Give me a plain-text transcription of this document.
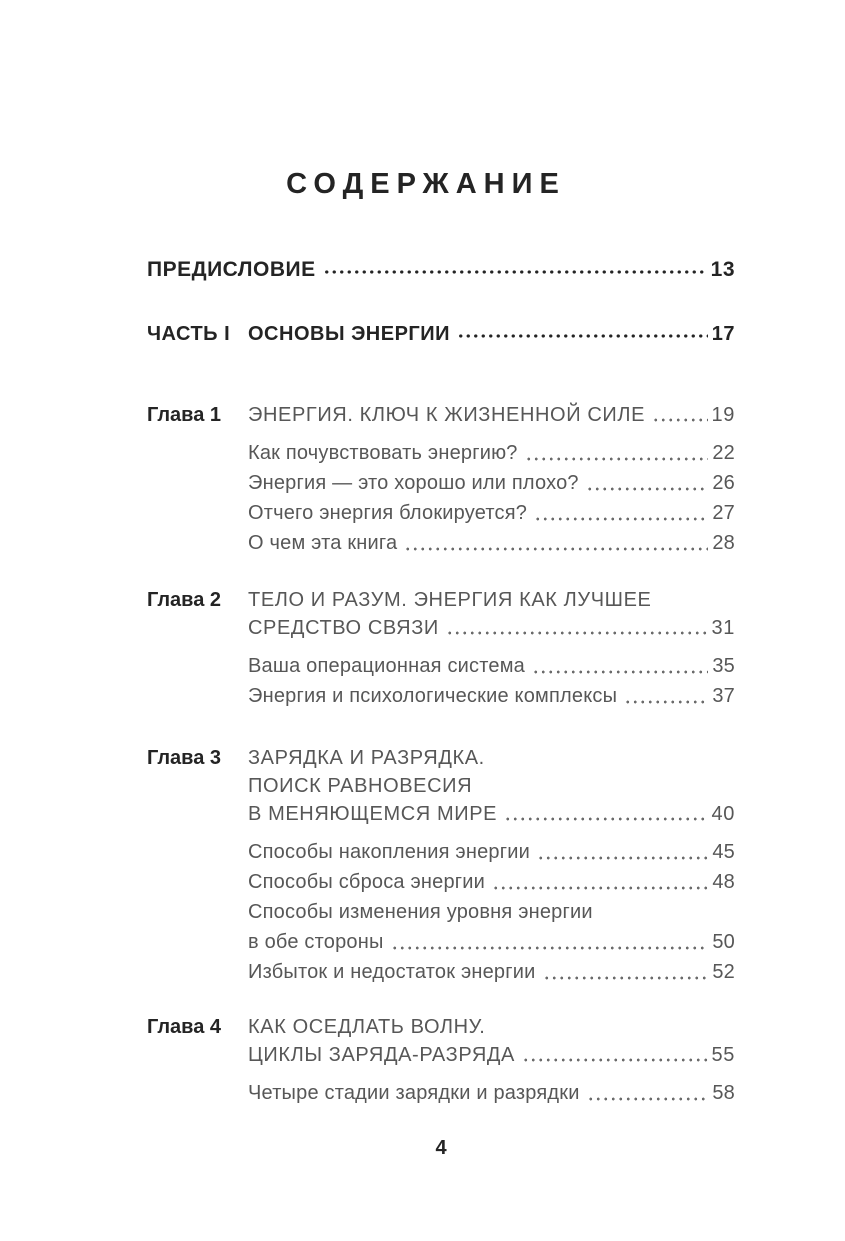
СОДЕРЖАНИЕ
ПРЕДИСЛОВИЕ	13
ЧАСТЬ I ОСНОВЫ ЭНЕРГИИ	17
Глава 1	ЭНЕРГИЯ. КЛЮЧ К ЖИЗНЕННОЙ СИЛЕ	19
Как почувствовать энергию?	22
Энергия — это хорошо или плохо?	26
Отчего энергия блокируется?	27
О чем эта книга	28
Глава 2	ТЕЛО И РАЗУМ. ЭНЕРГИЯ КАК ЛУЧШЕЕ
СРЕДСТВО СВЯЗИ	31
Ваша операционная система	35
Энергия и психологические комплексы	37
Глава 3	ЗАРЯДКА И РАЗРЯДКА.
ПОИСК РАВНОВЕСИЯ
В МЕНЯЮЩЕМСЯ МИРЕ	40
Способы накопления энергии	45
Способы сброса энергии	48
Способы изменения уровня энергии
в обе стороны	50
Избыток и недостаток энергии	52
Глава 4	КАК ОСЕДЛАТЬ ВОЛНУ.
ЦИКЛЫ ЗАРЯДА-РАЗРЯДА	55
Четыре стадии зарядки и разрядки	58
4
